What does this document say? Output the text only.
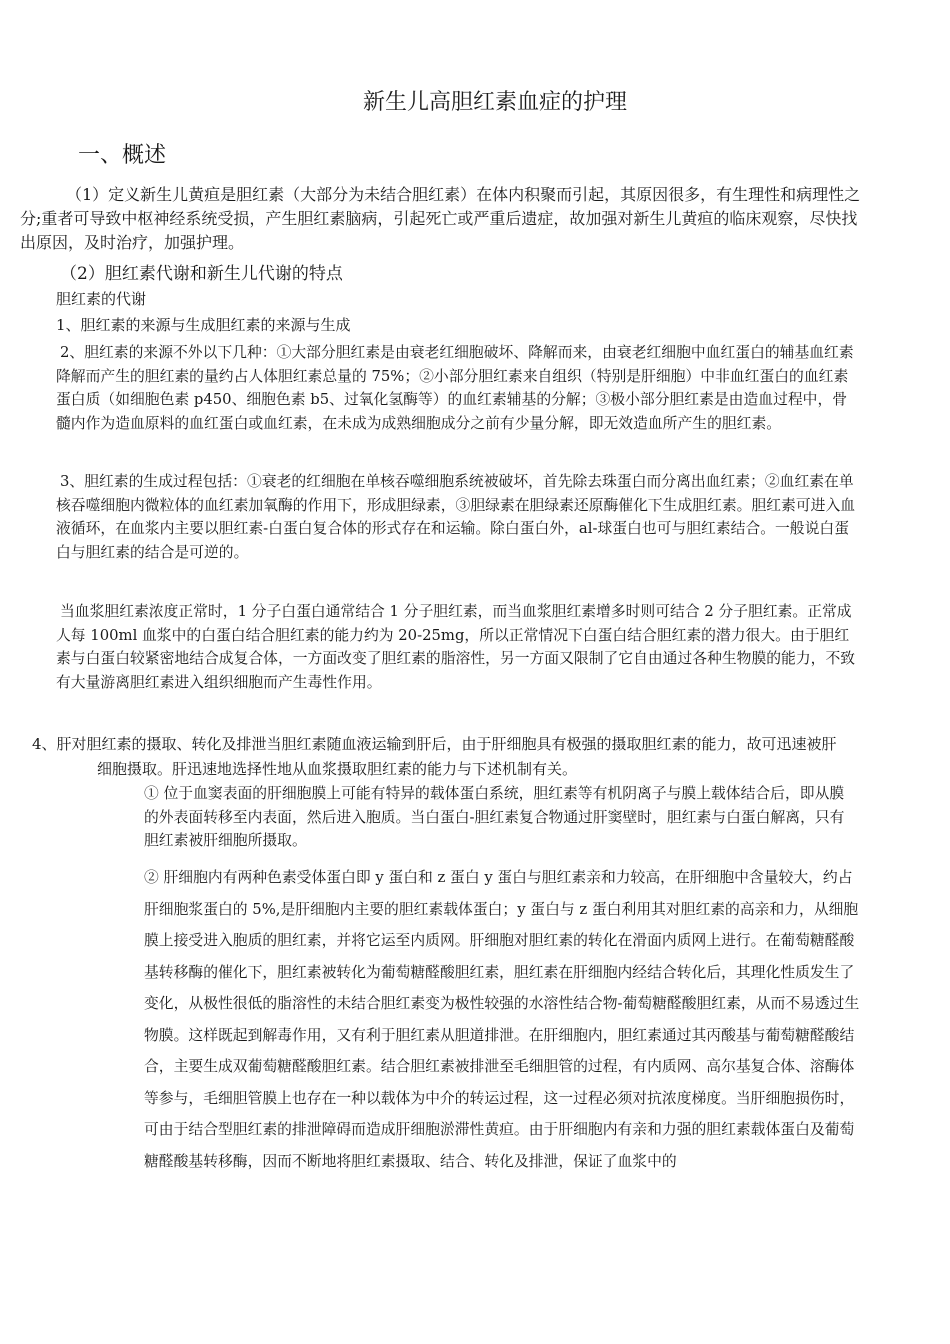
新生儿高胆红素血症的护理
一、概述

（1）定义新生儿黄疸是胆红素（大部分为未结合胆红素）在体内积聚而引起，其原因很多，有生理性和病理性之分;重者可导致中枢神经系统受损，产生胆红素脑病，引起死亡或严重后遗症，故加强对新生儿黄疸的临床观察，尽快找出原因，及时治疗，加强护理。

（2）胆红素代谢和新生儿代谢的特点

胆红素的代谢

1、胆红素的来源与生成胆红素的来源与生成

2、胆红素的来源不外以下几种：①大部分胆红素是由衰老红细胞破坏、降解而来，由衰老红细胞中血红蛋白的辅基血红素降解而产生的胆红素的量约占人体胆红素总量的 75%；②小部分胆红素来自组织（特别是肝细胞）中非血红蛋白的血红素蛋白质（如细胞色素 p450、细胞色素 b5、过氧化氢酶等）的血红素辅基的分解；③极小部分胆红素是由造血过程中，骨髓内作为造血原料的血红蛋白或血红素，在未成为成熟细胞成分之前有少量分解，即无效造血所产生的胆红素。

3、胆红素的生成过程包括：①衰老的红细胞在单核吞噬细胞系统被破坏，首先除去珠蛋白而分离出血红素；②血红素在单核吞噬细胞内微粒体的血红素加氧酶的作用下，形成胆绿素，③胆绿素在胆绿素还原酶催化下生成胆红素。胆红素可进入血液循环，在血浆内主要以胆红素-白蛋白复合体的形式存在和运输。除白蛋白外，al-球蛋白也可与胆红素结合。一般说白蛋白与胆红素的结合是可逆的。

当血浆胆红素浓度正常时，1 分子白蛋白通常结合 1 分子胆红素，而当血浆胆红素增多时则可结合 2 分子胆红素。正常成人每 100ml 血浆中的白蛋白结合胆红素的能力约为 20-25mg，所以正常情况下白蛋白结合胆红素的潜力很大。由于胆红素与白蛋白较紧密地结合成复合体，一方面改变了胆红素的脂溶性，另一方面又限制了它自由通过各种生物膜的能力，不致有大量游离胆红素进入组织细胞而产生毒性作用。

4、肝对胆红素的摄取、转化及排泄当胆红素随血液运输到肝后，由于肝细胞具有极强的摄取胆红素的能力，故可迅速被肝细胞摄取。肝迅速地选择性地从血浆摄取胆红素的能力与下述机制有关。

① 位于血窦表面的肝细胞膜上可能有特异的载体蛋白系统，胆红素等有机阴离子与膜上载体结合后，即从膜的外表面转移至内表面，然后进入胞质。当白蛋白-胆红素复合物通过肝窦壁时，胆红素与白蛋白解离，只有胆红素被肝细胞所摄取。

② 肝细胞内有两种色素受体蛋白即 y 蛋白和 z 蛋白 y 蛋白与胆红素亲和力较高，在肝细胞中含量较大，约占肝细胞浆蛋白的 5%,是肝细胞内主要的胆红素载体蛋白；y 蛋白与 z 蛋白利用其对胆红素的高亲和力，从细胞膜上接受进入胞质的胆红素，并将它运至内质网。肝细胞对胆红素的转化在滑面内质网上进行。在葡萄糖醛酸基转移酶的催化下，胆红素被转化为葡萄糖醛酸胆红素，胆红素在肝细胞内经结合转化后，其理化性质发生了变化，从极性很低的脂溶性的未结合胆红素变为极性较强的水溶性结合物-葡萄糖醛酸胆红素，从而不易透过生物膜。这样既起到解毒作用，又有利于胆红素从胆道排泄。在肝细胞内，胆红素通过其丙酸基与葡萄糖醛酸结合，主要生成双葡萄糖醛酸胆红素。结合胆红素被排泄至毛细胆管的过程，有内质网、高尔基复合体、溶酶体等参与，毛细胆管膜上也存在一种以载体为中介的转运过程，这一过程必须对抗浓度梯度。当肝细胞损伤时，可由于结合型胆红素的排泄障碍而造成肝细胞淤滞性黄疸。由于肝细胞内有亲和力强的胆红素载体蛋白及葡萄糖醛酸基转移酶，因而不断地将胆红素摄取、结合、转化及排泄，保证了血浆中的
